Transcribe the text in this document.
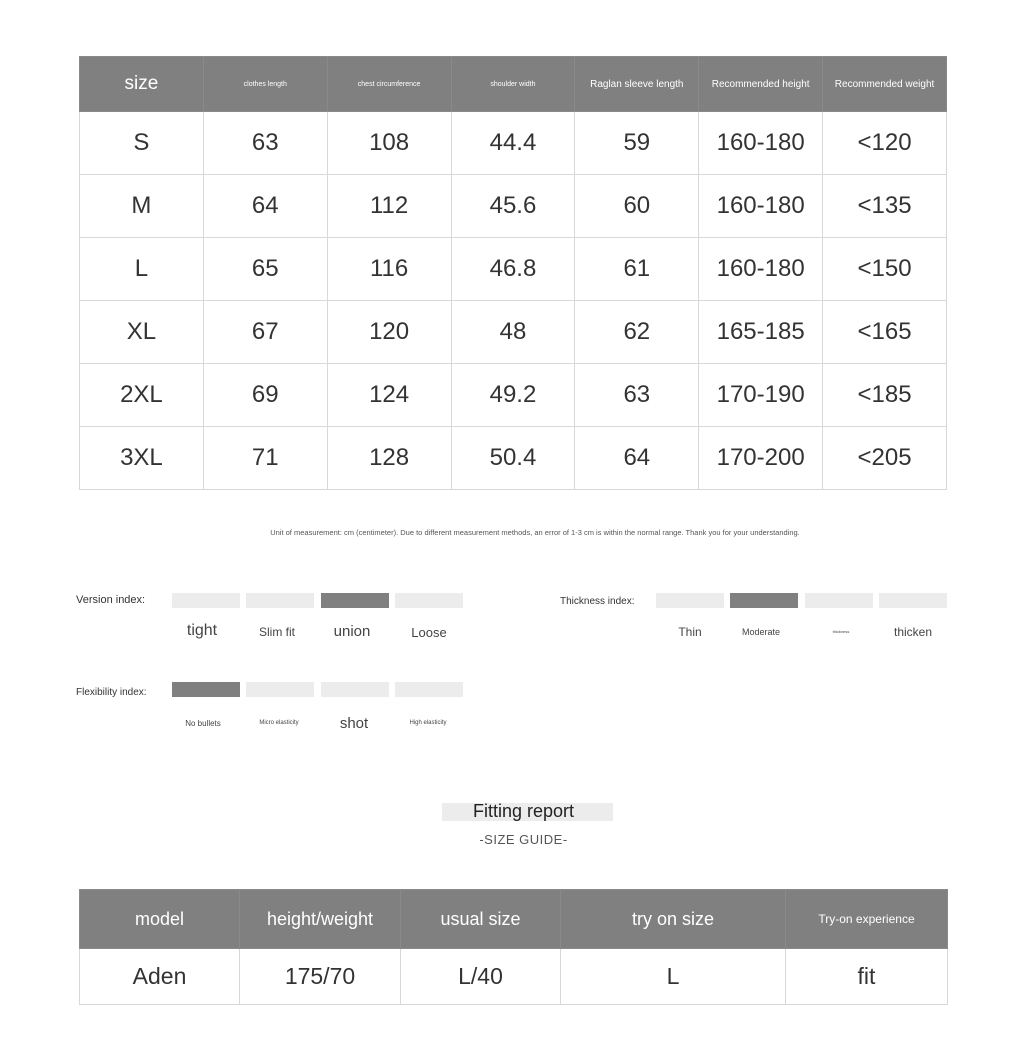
size	clothes length	chest circumference	shoulder width	Raglan sleeve length	Recommended height	Recommended weight
S	63	108	44.4	59	160-180	<120
M	64	112	45.6	60	160-180	<135
L	65	116	46.8	61	160-180	<150
XL	67	120	48	62	165-185	<165
2XL	69	124	49.2	63	170-190	<185
3XL	71	128	50.4	64	170-200	<205
Unit of measurement: cm (centimeter). Due to different measurement methods, an error of 1-3 cm is within the normal range. Thank you for your understanding.
Version index:
tight	Slim fit	union	Loose
Thickness index:
Thin	Moderate	thickness	thicken
Flexibility index:
No bullets	Micro elasticity	shot	High elasticity
Fitting report
-SIZE GUIDE-
model	height/weight	usual size	try on size	Try-on experience
Aden	175/70	L/40	L	fit
